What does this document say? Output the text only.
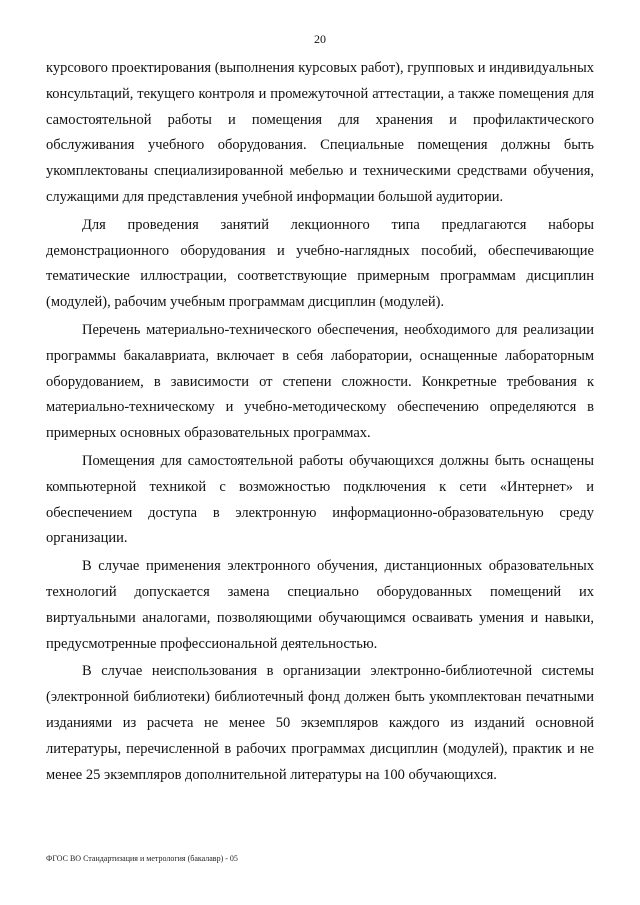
20

курсового проектирования (выполнения курсовых работ), групповых и индивидуальных консультаций, текущего контроля и промежуточной аттестации, а также помещения для самостоятельной работы и помещения для хранения и профилактического обслуживания учебного оборудования. Специальные помещения должны быть укомплектованы специализированной мебелью и техническими средствами обучения, служащими для представления учебной информации большой аудитории.

Для проведения занятий лекционного типа предлагаются наборы демонстрационного оборудования и учебно-наглядных пособий, обеспечивающие тематические иллюстрации, соответствующие примерным программам дисциплин (модулей), рабочим учебным программам дисциплин (модулей).

Перечень материально-технического обеспечения, необходимого для реализации программы бакалавриата, включает в себя лаборатории, оснащенные лабораторным оборудованием, в зависимости от степени сложности. Конкретные требования к материально-техническому и учебно-методическому обеспечению определяются в примерных основных образовательных программах.

Помещения для самостоятельной работы обучающихся должны быть оснащены компьютерной техникой с возможностью подключения к сети «Интернет» и обеспечением доступа в электронную информационно-образовательную среду организации.

В случае применения электронного обучения, дистанционных образовательных технологий допускается замена специально оборудованных помещений их виртуальными аналогами, позволяющими обучающимся осваивать умения и навыки, предусмотренные профессиональной деятельностью.

В случае неиспользования в организации электронно-библиотечной системы (электронной библиотеки) библиотечный фонд должен быть укомплектован печатными изданиями из расчета не менее 50 экземпляров каждого из изданий основной литературы, перечисленной в рабочих программах дисциплин (модулей), практик и не менее 25 экземпляров дополнительной литературы на 100 обучающихся.

ФГОС ВО Стандартизация и метрология (бакалавр) - 05
